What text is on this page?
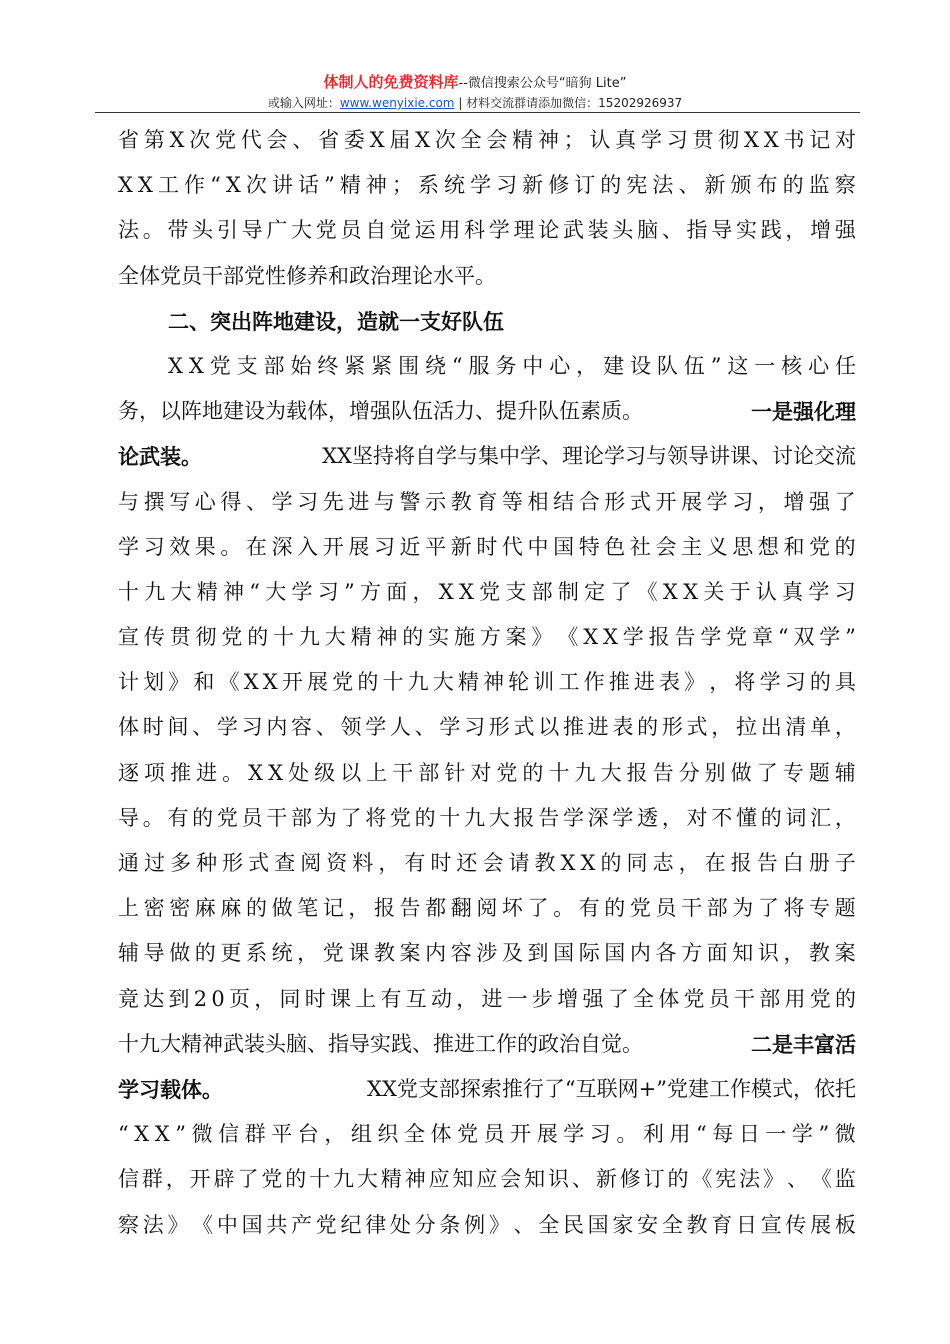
体制人的免费资料库--微信搜索公众号“暗狗 Lite”
或输入网址：www.wenyixie.com | 材料交流群请添加微信：15202926937
省 第 X 次 党 代 会 、 省 委 X 届 X 次 全 会 精 神 ； 认 真 学 习 贯 彻 X X 书 记 对
X X 工 作 “ X 次 讲 话 ” 精 神 ； 系 统 学 习 新 修 订 的 宪 法 、 新 颁 布 的 监 察
法 。 带 头 引 导 广 大 党 员 自 觉 运 用 科 学 理 论 武 装 头 脑 、 指 导 实 践 ， 增 强
全体党员干部党性修养和政治理论水平。
二、突出阵地建设，造就一支好队伍
X X 党 支 部 始 终 紧 紧 围 绕 “ 服 务 中 心 ， 建 设 队 伍 ” 这 一 核 心 任
务，以阵地建设为载体，增强队伍活力、提升队伍素质。	一是强化理
论武装。	XX坚持将自学与集中学、理论学习与领导讲课、讨论交流
与 撰 写 心 得 、 学 习 先 进 与 警 示 教 育 等 相 结 合 形 式 开 展 学 习 ， 增 强 了
学 习 效 果 。 在 深 入 开 展 习 近 平 新 时 代 中 国 特 色 社 会 主 义 思 想 和 党 的
十 九 大 精 神 “ 大 学 习 ” 方 面 ， X X 党 支 部 制 定 了 《 X X 关 于 认 真 学 习
宣 传 贯 彻 党 的 十 九 大 精 神 的 实 施 方 案 》 《 X X 学 报 告 学 党 章 “ 双 学 ”
计 划 》 和 《 X X 开 展 党 的 十 九 大 精 神 轮 训 工 作 推 进 表 》 ， 将 学 习 的 具
体 时 间 、 学 习 内 容 、 领 学 人 、 学 习 形 式 以 推 进 表 的 形 式 ， 拉 出 清 单 ，
逐 项 推 进 。 X X 处 级 以 上 干 部 针 对 党 的 十 九 大 报 告 分 别 做 了 专 题 辅
导 。 有 的 党 员 干 部 为 了 将 党 的 十 九 大 报 告 学 深 学 透 ， 对 不 懂 的 词 汇 ，
通 过 多 种 形 式 查 阅 资 料 ， 有 时 还 会 请 教 X X 的 同 志 ， 在 报 告 白 册 子
上 密 密 麻 麻 的 做 笔 记 ， 报 告 都 翻 阅 坏 了 。 有 的 党 员 干 部 为 了 将 专 题
辅 导 做 的 更 系 统 ， 党 课 教 案 内 容 涉 及 到 国 际 国 内 各 方 面 知 识 ， 教 案
竟 达 到 2 0 页 ， 同 时 课 上 有 互 动 ， 进 一 步 增 强 了 全 体 党 员 干 部 用 党 的
十九大精神武装头脑、指导实践、推进工作的政治自觉。	二是丰富活
学习载体。	XX党支部探索推行了“互联网+”党建工作模式，依托
“ X X ” 微 信 群 平 台 ， 组 织 全 体 党 员 开 展 学 习 。 利 用 “ 每 日 一 学 ” 微
信 群 ， 开 辟 了 党 的 十 九 大 精 神 应 知 应 会 知 识 、 新 修 订 的 《 宪 法 》 、 《 监
察 法 》 《 中 国 共 产 党 纪 律 处 分 条 例 》 、 全 民 国 家 安 全 教 育 日 宣 传 展 板
